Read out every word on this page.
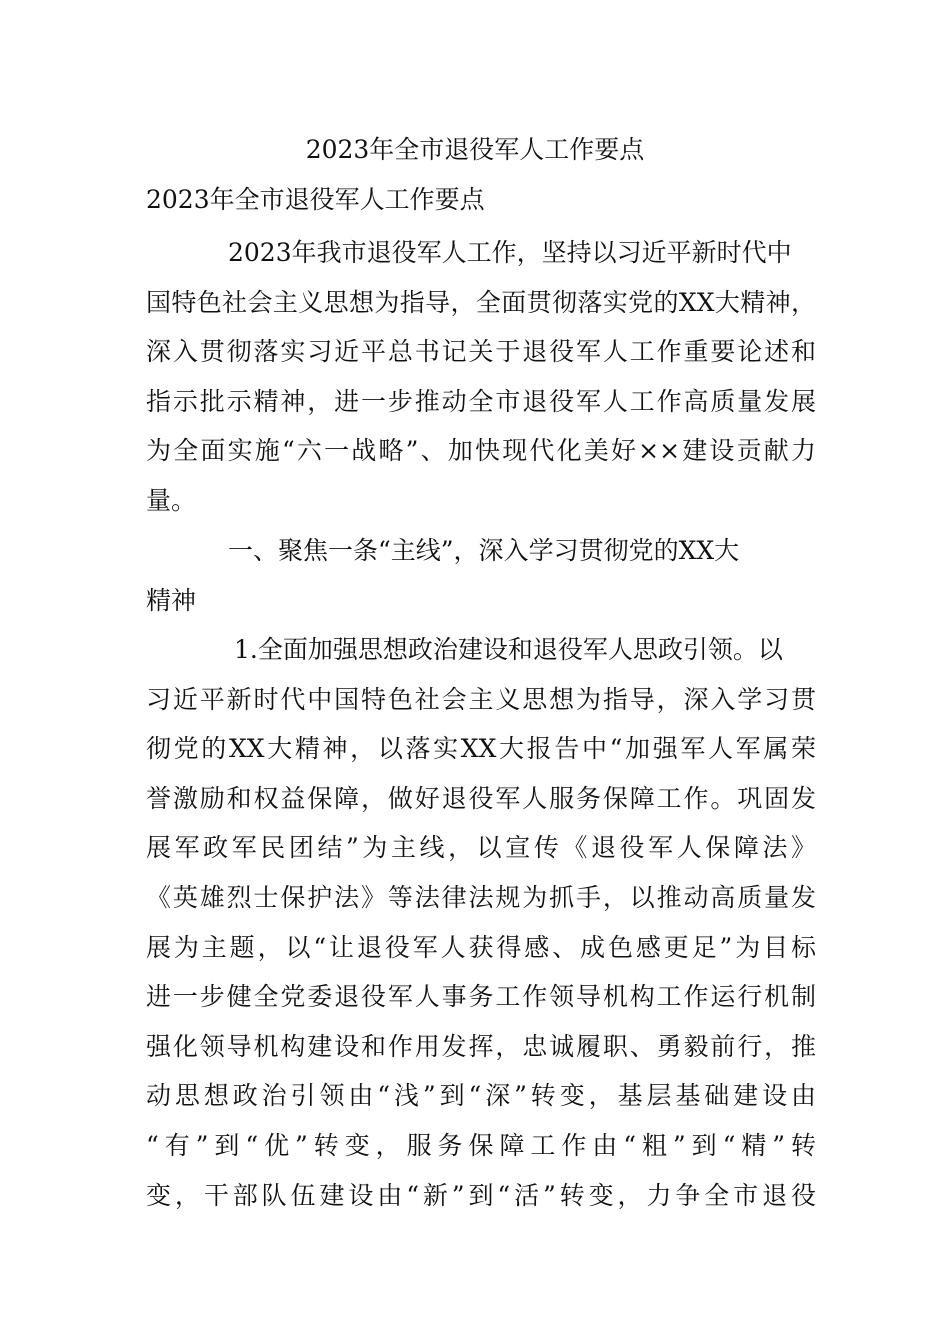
2023年全市退役军人工作要点
2023年全市退役军人工作要点
2023年我市退役军人工作，坚持以习近平新时代中
国特色社会主义思想为指导，全面贯彻落实党的XX大精神，
深入贯彻落实习近平总书记关于退役军人工作重要论述和
指示批示精神，进一步推动全市退役军人工作高质量发展
为全面实施“六一战略”、加快现代化美好××建设贡献力
量。
一、聚焦一条“主线”，深入学习贯彻党的XX大
精神
1.全面加强思想政治建设和退役军人思政引领。以
习近平新时代中国特色社会主义思想为指导，深入学习贯
彻党的XX大精神，以落实XX大报告中“加强军人军属荣
誉激励和权益保障，做好退役军人服务保障工作。巩固发
展军政军民团结”为主线，以宣传《退役军人保障法》
《英雄烈士保护法》等法律法规为抓手，以推动高质量发
展为主题，以“让退役军人获得感、成色感更足”为目标
进一步健全党委退役军人事务工作领导机构工作运行机制
强化领导机构建设和作用发挥，忠诚履职、勇毅前行，推
动思想政治引领由“浅”到“深”转变，基层基础建设由
“有”到“优”转变，服务保障工作由“粗”到“精”转
变，干部队伍建设由“新”到“活”转变，力争全市退役
